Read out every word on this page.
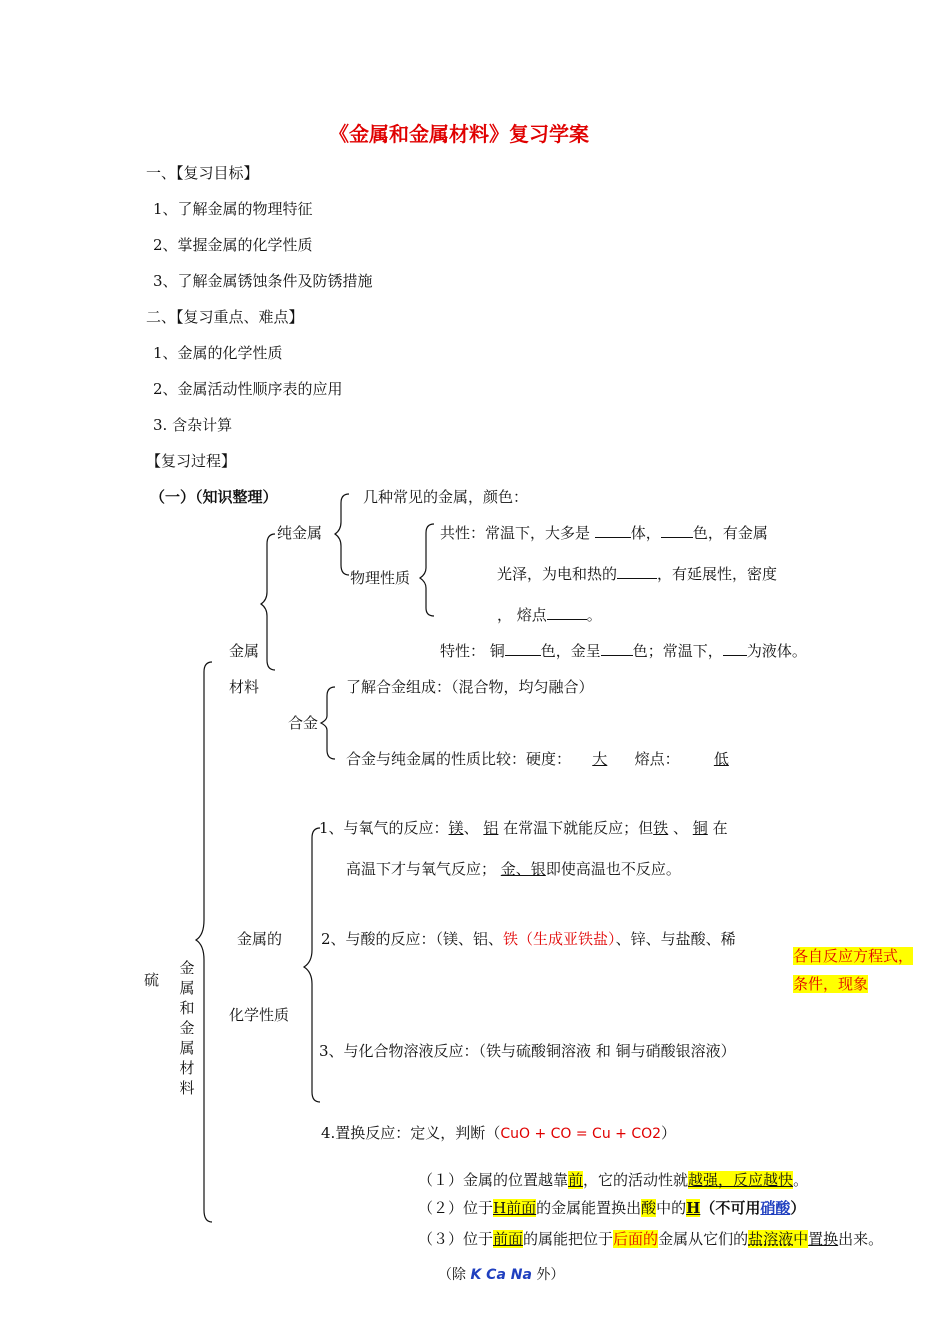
《金属和金属材料》复习学案
一、【复习目标】
1、了解金属的物理特征
2、掌握金属的化学性质
3、了解金属锈蚀条件及防锈措施
二、【复习重点、难点】
1、金属的化学性质
2、金属活动性顺序表的应用
3. 含杂计算
【复习过程】
（一）（知识整理）
硫
金属和金属材料
金属
材料
纯金属
几种常见的金属，颜色：
物理性质
共性：常温下，大多是	体， 色，有金属
光泽，为电和热的	，有延展性，密度
， 熔点	。
特性： 铜 色，金呈 色；常温下， 为液体。
合金
了解合金组成：（混合物，均匀融合）
合金与纯金属的性质比较：硬度： 大 熔点： 低
金属的
化学性质
1、与氧气的反应：镁、 铝 在常温下就能反应；但铁 、 铜 在
高温下才与氧气反应； 金、银即使高温也不反应。
2、与酸的反应：（镁、铝、铁（生成亚铁盐）、锌、与盐酸、稀
各自反应方程式，
条件，现象
3、与化合物溶液反应：（铁与硫酸铜溶液 和 铜与硝酸银溶液）
4.置换反应：定义，判断（CuO + CO = Cu + CO2）
（１）金属的位置越靠前，它的活动性就越强，反应越快。
（２）位于H前面的金属能置换出酸中的H（不可用硝酸）
（３）位于前面的属能把位于后面的金属从它们的盐溶液中置换出来。
（除 K Ca Na 外）
